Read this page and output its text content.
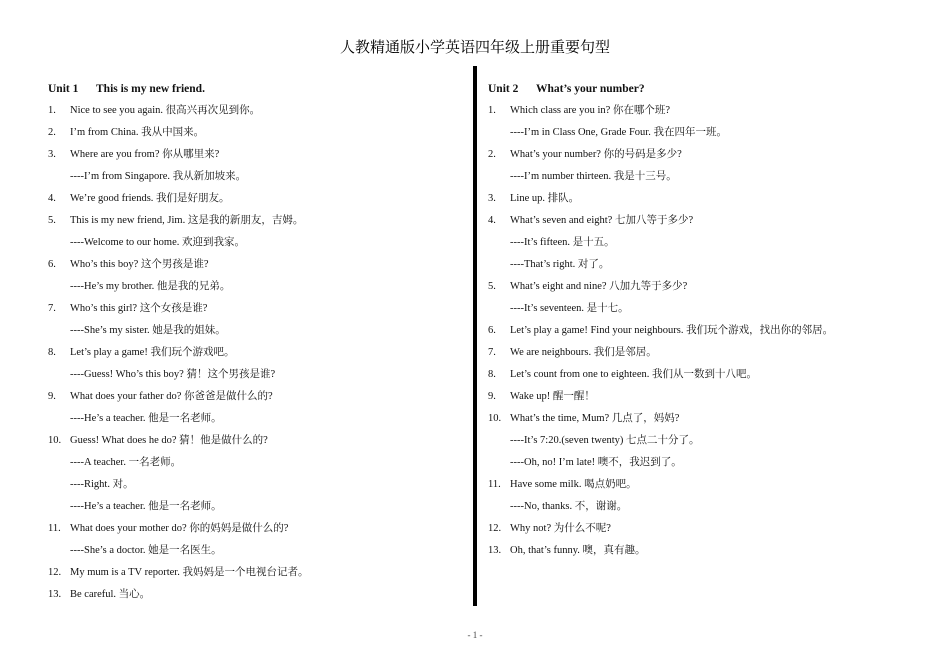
人教精通版小学英语四年级上册重要句型
Unit 1 This is my new friend.
1. Nice to see you again. 很高兴再次见到你。
2. I’m from China. 我从中国来。
3. Where are you from? 你从哪里来?
----I’m from Singapore. 我从新加坡来。
4. We’re good friends. 我们是好朋友。
5. This is my new friend, Jim. 这是我的新朋友，吉姆。
----Welcome to our home. 欢迎到我家。
6. Who’s this boy? 这个男孩是谁?
----He’s my brother. 他是我的兄弟。
7. Who’s this girl? 这个女孩是谁?
----She’s my sister. 她是我的姐妹。
8. Let’s play a game! 我们玩个游戏吧。
----Guess! Who’s this boy? 猜！这个男孩是谁?
9. What does your father do? 你爸爸是做什么的?
----He’s a teacher. 他是一名老师。
10. Guess! What does he do? 猜！他是做什么的?
----A teacher. 一名老师。
----Right. 对。
----He’s a teacher. 他是一名老师。
11. What does your mother do? 你的妈妈是做什么的?
----She’s a doctor. 她是一名医生。
12. My mum is a TV reporter. 我妈妈是一个电视台记者。
13. Be careful. 当心。
Unit 2 What’s your number?
1. Which class are you in? 你在哪个班?
----I’m in Class One, Grade Four. 我在四年一班。
2. What’s your number? 你的号码是多少?
----I’m number thirteen. 我是十三号。
3. Line up. 排队。
4. What’s seven and eight? 七加八等于多少?
----It’s fifteen. 是十五。
----That’s right. 对了。
5. What’s eight and nine? 八加九等于多少?
----It’s seventeen. 是十七。
6. Let’s play a game! Find your neighbours. 我们玩个游戏，找出你的邻居。
7. We are neighbours. 我们是邻居。
8. Let’s count from one to eighteen. 我们从一数到十八吧。
9. Wake up! 醒一醒！
10. What’s the time, Mum? 几点了，妈妈?
----It’s 7:20.(seven twenty) 七点二十分了。
----Oh, no! I’m late! 噢不，我迟到了。
11. Have some milk. 喝点奶吧。
----No, thanks. 不，谢谢。
12. Why not? 为什么不呢?
13. Oh, that’s funny. 噢，真有趣。
- 1 -
